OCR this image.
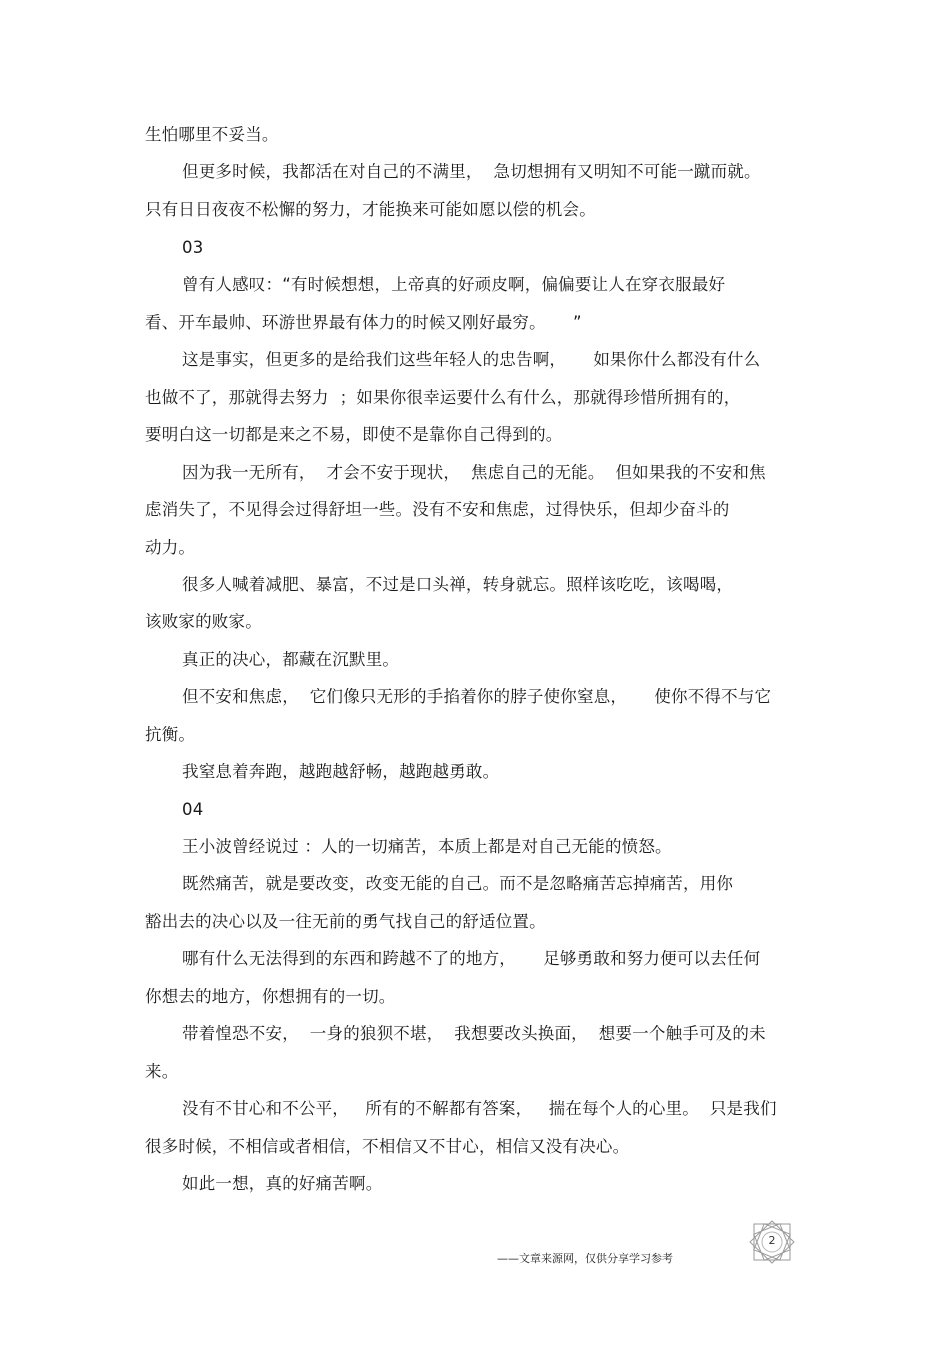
生怕哪里不妥当。
但更多时候，我都活在对自己的不满里，  急切想拥有又明知不可能一蹴而就。
只有日日夜夜不松懈的努力，才能换来可能如愿以偿的机会。
03
曾有人感叹：“有时候想想，上帝真的好顽皮啊，偏偏要让人在穿衣服最好
看、开车最帅、环游世界最有体力的时候又刚好最穷。     ”
这是事实，但更多的是给我们这些年轻人的忠告啊，     如果你什么都没有什么
也做不了，那就得去努力  ；如果你很幸运要什么有什么，那就得珍惜所拥有的，
要明白这一切都是来之不易，即使不是靠你自己得到的。
因为我一无所有，  才会不安于现状，  焦虑自己的无能。  但如果我的不安和焦
虑消失了，不见得会过得舒坦一些。没有不安和焦虑，过得快乐，但却少奋斗的
动力。
很多人喊着减肥、暴富，不过是口头禅，转身就忘。照样该吃吃，该喝喝，
该败家的败家。
真正的决心，都藏在沉默里。
但不安和焦虑，  它们像只无形的手掐着你的脖子使你窒息，     使你不得不与它
抗衡。
我窒息着奔跑，越跑越舒畅，越跑越勇敢。
04
王小波曾经说过 ：人的一切痛苦，本质上都是对自己无能的愤怒。
既然痛苦，就是要改变，改变无能的自己。而不是忽略痛苦忘掉痛苦，用你
豁出去的决心以及一往无前的勇气找自己的舒适位置。
哪有什么无法得到的东西和跨越不了的地方，     足够勇敢和努力便可以去任何
你想去的地方，你想拥有的一切。
带着惶恐不安，  一身的狼狈不堪，  我想要改头换面，  想要一个触手可及的未
来。
没有不甘心和不公平，   所有的不解都有答案，   揣在每个人的心里。  只是我们
很多时候，不相信或者相信，不相信又不甘心，相信又没有决心。
如此一想，真的好痛苦啊。
——文章来源网，仅供分享学习参考
2
